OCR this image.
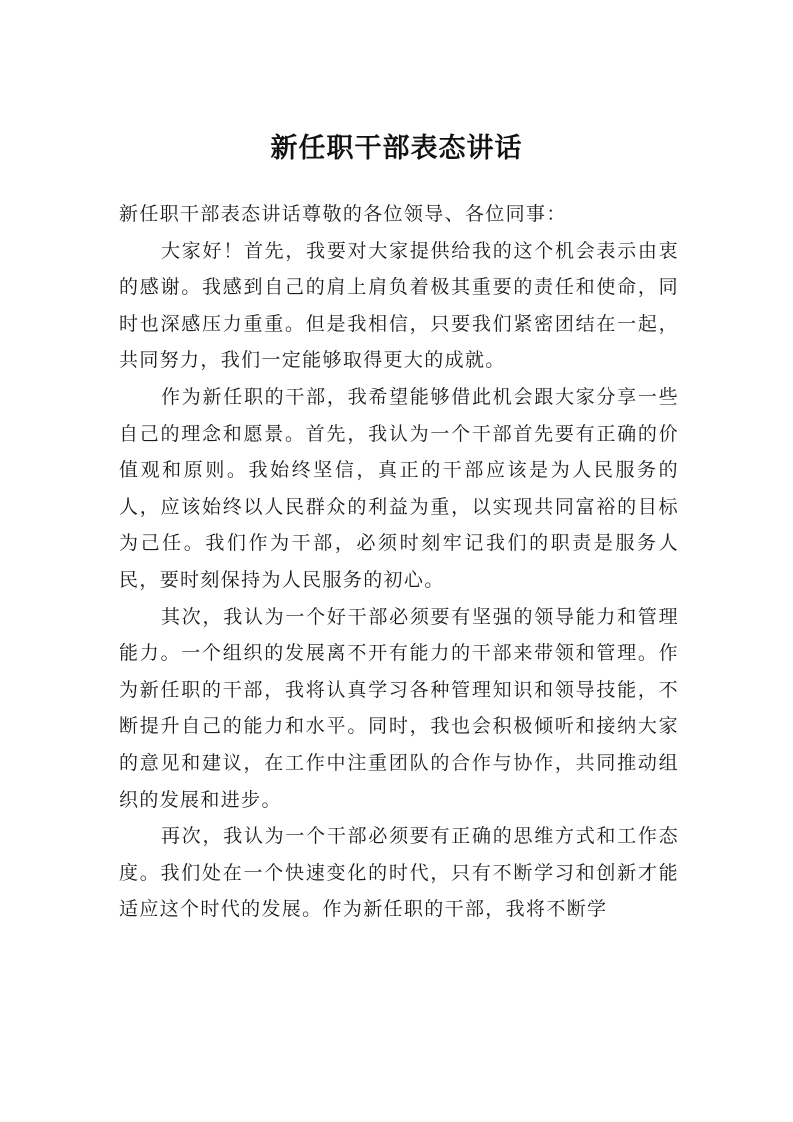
新任职干部表态讲话

新任职干部表态讲话尊敬的各位领导、各位同事：

大家好！首先，我要对大家提供给我的这个机会表示由衷的感谢。我感到自己的肩上肩负着极其重要的责任和使命，同时也深感压力重重。但是我相信，只要我们紧密团结在一起，共同努力，我们一定能够取得更大的成就。

作为新任职的干部，我希望能够借此机会跟大家分享一些自己的理念和愿景。首先，我认为一个干部首先要有正确的价值观和原则。我始终坚信，真正的干部应该是为人民服务的人，应该始终以人民群众的利益为重，以实现共同富裕的目标为己任。我们作为干部，必须时刻牢记我们的职责是服务人民，要时刻保持为人民服务的初心。

其次，我认为一个好干部必须要有坚强的领导能力和管理能力。一个组织的发展离不开有能力的干部来带领和管理。作为新任职的干部，我将认真学习各种管理知识和领导技能，不断提升自己的能力和水平。同时，我也会积极倾听和接纳大家的意见和建议，在工作中注重团队的合作与协作，共同推动组织的发展和进步。

再次，我认为一个干部必须要有正确的思维方式和工作态度。我们处在一个快速变化的时代，只有不断学习和创新才能适应这个时代的发展。作为新任职的干部，我将不断学
